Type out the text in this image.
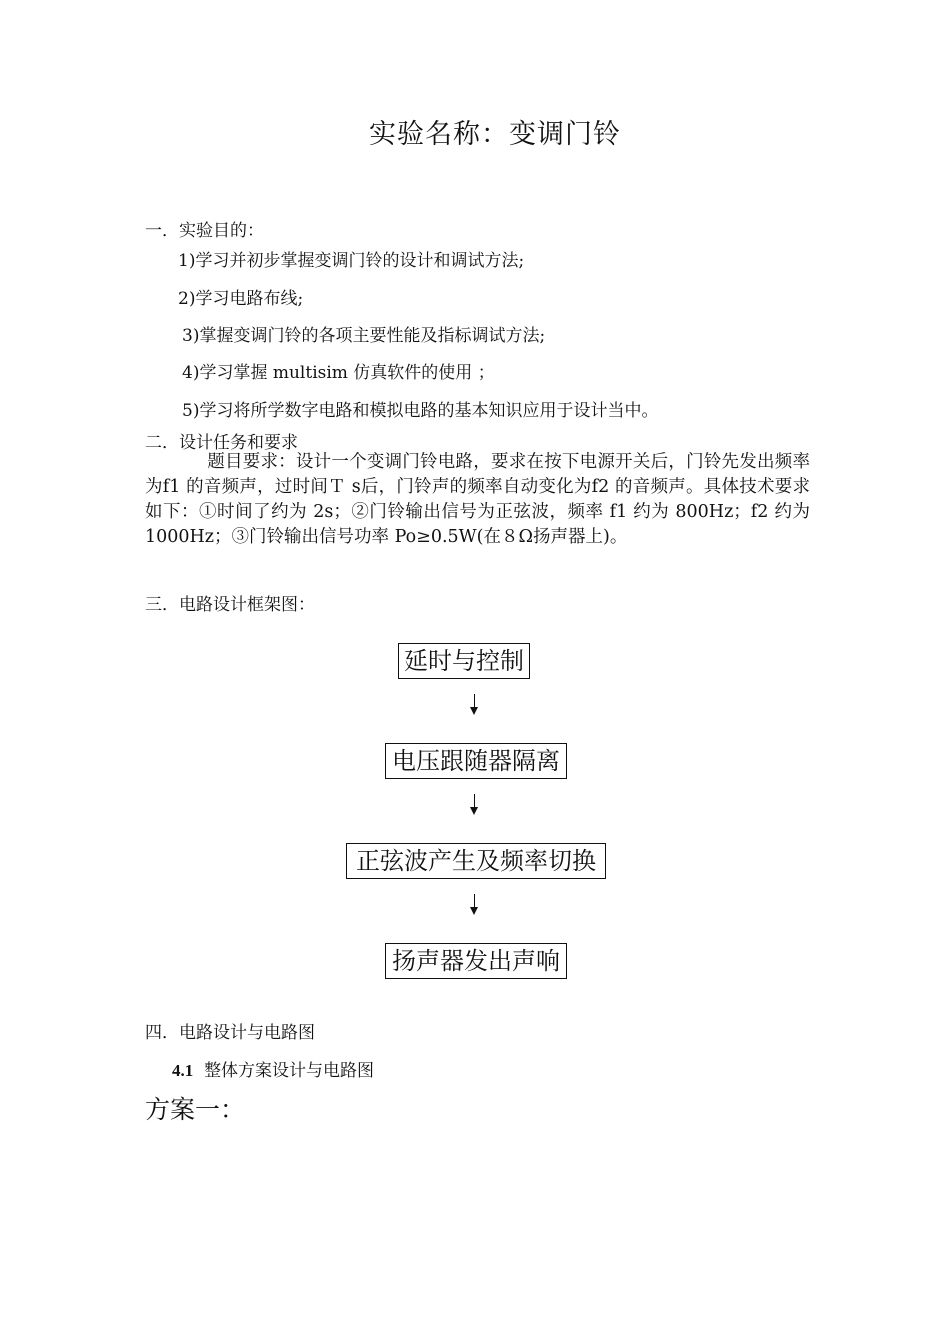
实验名称：变调门铃
一．实验目的：
1)学习并初步掌握变调门铃的设计和调试方法;
2)学习电路布线;
3)掌握变调门铃的各项主要性能及指标调试方法;
4)学习掌握 multisim 仿真软件的使用 ；
5)学习将所学数字电路和模拟电路的基本知识应用于设计当中。
二．设计任务和要求
题目要求：设计一个变调门铃电路，要求在按下电源开关后，门铃先发出频率为f1 的音频声，过时间Ｔ s后，门铃声的频率自动变化为f2 的音频声。具体技术要求如下：①时间了约为 2s；②门铃输出信号为正弦波，频率 f1 约为 800Hz；f2 约为 1000Hz；③门铃输出信号功率 Po≥0.5W(在８Ω扬声器上)。
三．电路设计框架图：
延时与控制
电压跟随器隔离
正弦波产生及频率切换
扬声器发出声响
四．电路设计与电路图
4.1 整体方案设计与电路图
方案一：
